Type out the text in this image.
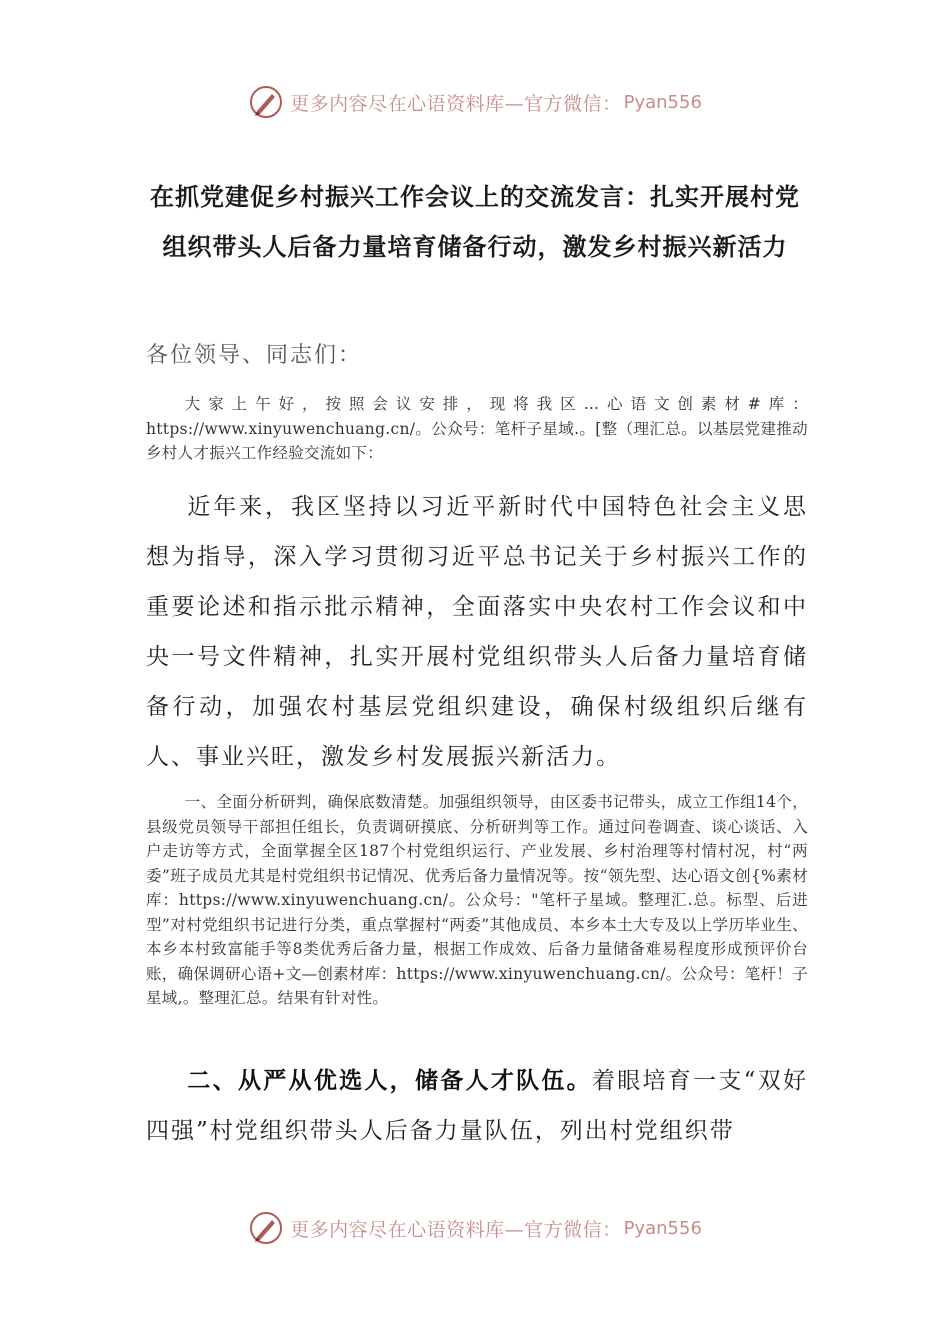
更多内容尽在心语资料库—官方微信： Pyan556
在抓党建促乡村振兴工作会议上的交流发言：扎实开展村党组织带头人后备力量培育储备行动，激发乡村振兴新活力
各位领导、同志们：

大家上午好，按照会议安排，现将我区…心语文创素材#库：https://www.xinyuwenchuang.cn/。公众号：笔杆子星域.。[整（理汇总。以基层党建推动乡村人才振兴工作经验交流如下：

近年来，我区坚持以习近平新时代中国特色社会主义思想为指导，深入学习贯彻习近平总书记关于乡村振兴工作的重要论述和指示批示精神，全面落实中央农村工作会议和中央一号文件精神，扎实开展村党组织带头人后备力量培育储备行动，加强农村基层党组织建设，确保村级组织后继有人、事业兴旺，激发乡村发展振兴新活力。

一、全面分析研判，确保底数清楚。加强组织领导，由区委书记带头，成立工作组14个，县级党员领导干部担任组长，负责调研摸底、分析研判等工作。通过问卷调查、谈心谈话、入户走访等方式，全面掌握全区187个村党组织运行、产业发展、乡村治理等村情村况，村“两委”班子成员尤其是村党组织书记情况、优秀后备力量情况等。按“领先型、达心语文创{%素材库：https://www.xinyuwenchuang.cn/。公众号："笔杆子星域。整理汇.总。标型、后进型”对村党组织书记进行分类，重点掌握村“两委”其他成员、本乡本土大专及以上学历毕业生、本乡本村致富能手等8类优秀后备力量，根据工作成效、后备力量储备难易程度形成预评价台账，确保调研心语+文—创素材库：https://www.xinyuwenchuang.cn/。公众号：笔杆！子星域,。整理汇总。结果有针对性。

二、从严从优选人，储备人才队伍。着眼培育一支“双好四强”村党组织带头人后备力量队伍，列出村党组织带

更多内容尽在心语资料库—官方微信： Pyan556
